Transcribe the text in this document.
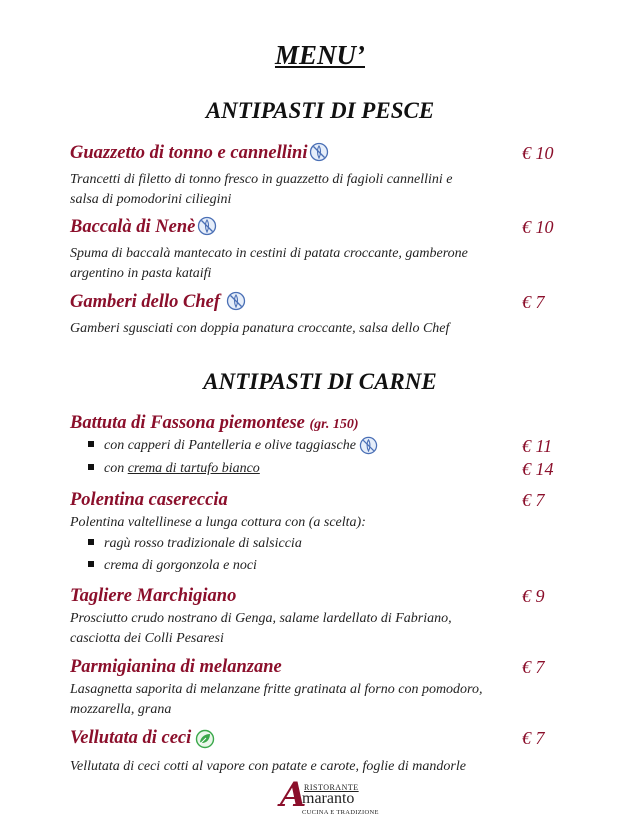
MENU’
ANTIPASTI DI PESCE
Guazzetto di tonno e cannellini
Trancetti di filetto di tonno fresco in guazzetto di fagioli cannellini e
salsa di pomodorini ciliegini
€ 10
Baccalà di Nenè
Spuma di baccalà mantecato in cestini di patata croccante, gamberone
argentino in pasta kataifi
€ 10
Gamberi dello Chef
Gamberi sgusciati con doppia panatura croccante, salsa dello Chef
€ 7
ANTIPASTI DI CARNE
Battuta di Fassona piemontese (gr. 150)
con capperi di Pantelleria e olive taggiasche	€ 11
con crema di tartufo bianco	€ 14
Polentina casereccia
Polentina valtellinese a lunga cottura con (a scelta):
€ 7
ragù rosso tradizionale di salsiccia
crema di gorgonzola e noci
Tagliere Marchigiano
Prosciutto crudo nostrano di Genga, salame lardellato di Fabriano,
casciotta dei Colli Pesaresi
€ 9
Parmigianina di melanzane
Lasagnetta saporita di melanzane fritte gratinata al forno con pomodoro,
mozzarella, grana
€ 7
Vellutata di ceci
Vellutata di ceci cotti al vapore con patate e carote, foglie di mandorle
€ 7
A
RISTORANTE
maranto
CUCINA E TRADIZIONE
